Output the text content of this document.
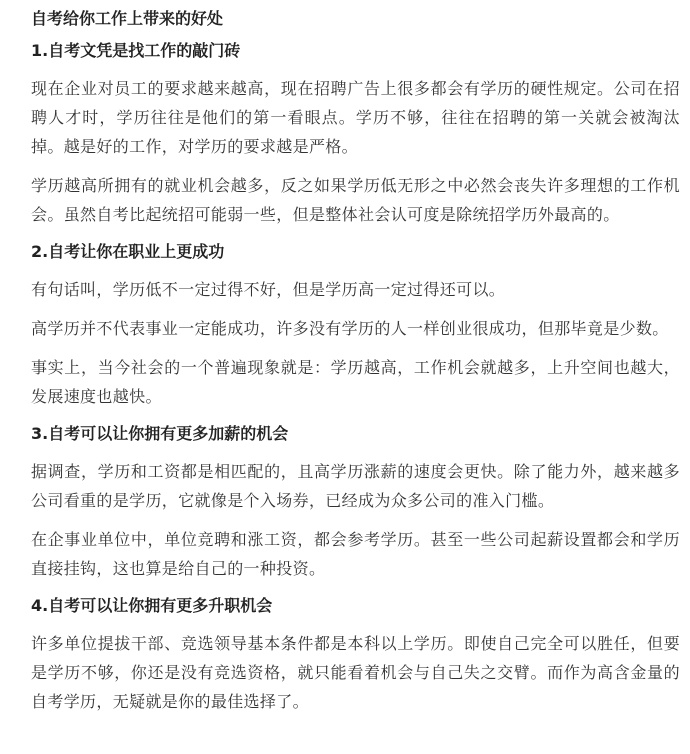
自考给你工作上带来的好处
1.自考文凭是找工作的敲门砖

现在企业对员工的要求越来越高，现在招聘广告上很多都会有学历的硬性规定。公司在招聘人才时，学历往往是他们的第一看眼点。学历不够，往往在招聘的第一关就会被淘汰掉。越是好的工作，对学历的要求越是严格。

学历越高所拥有的就业机会越多，反之如果学历低无形之中必然会丧失许多理想的工作机会。虽然自考比起统招可能弱一些，但是整体社会认可度是除统招学历外最高的。

2.自考让你在职业上更成功

有句话叫，学历低不一定过得不好，但是学历高一定过得还可以。

高学历并不代表事业一定能成功，许多没有学历的人一样创业很成功，但那毕竟是少数。

事实上，当今社会的一个普遍现象就是：学历越高，工作机会就越多，上升空间也越大，发展速度也越快。

3.自考可以让你拥有更多加薪的机会

据调查，学历和工资都是相匹配的，且高学历涨薪的速度会更快。除了能力外，越来越多公司看重的是学历，它就像是个入场券，已经成为众多公司的准入门槛。

在企事业单位中，单位竞聘和涨工资，都会参考学历。甚至一些公司起薪设置都会和学历直接挂钩，这也算是给自己的一种投资。

4.自考可以让你拥有更多升职机会

许多单位提拔干部、竞选领导基本条件都是本科以上学历。即使自己完全可以胜任，但要是学历不够，你还是没有竞选资格，就只能看着机会与自己失之交臂。而作为高含金量的自考学历，无疑就是你的最佳选择了。
